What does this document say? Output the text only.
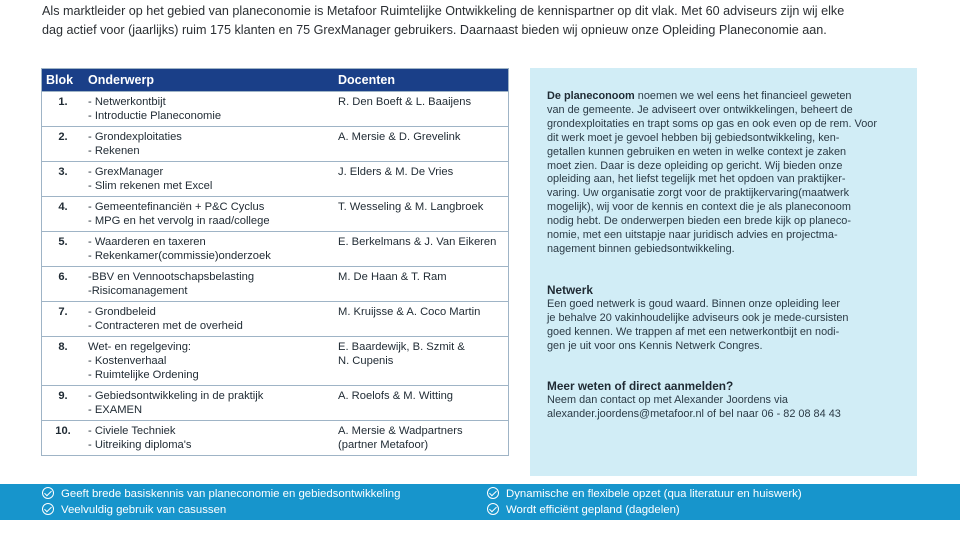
Als marktleider op het gebied van planeconomie is Metafoor Ruimtelijke Ontwikkeling de kennispartner op dit vlak. Met 60 adviseurs zijn wij elke
dag actief voor (jaarlijks) ruim 175 klanten en 75 GrexManager gebruikers. Daarnaast bieden wij opnieuw onze Opleiding Planeconomie aan.
Blok	Onderwerp	Docenten
1.	- Netwerkontbijt
- Introductie Planeconomie	R. Den Boeft & L. Baaijens

2.	- Grondexploitaties
- Rekenen	A. Mersie & D. Grevelink

3.	- GrexManager
- Slim rekenen met Excel	J. Elders & M. De Vries

4.	- Gemeentefinanciën + P&C Cyclus
- MPG en het vervolg in raad/college	T. Wesseling & M. Langbroek

5.	- Waarderen en taxeren
- Rekenkamer(commissie)onderzoek	E. Berkelmans & J. Van Eikeren

6.	-BBV en Vennootschapsbelasting
-Risicomanagement	M. De Haan & T. Ram

7.	- Grondbeleid
- Contracteren met de overheid	M. Kruijsse & A. Coco Martin

8.	Wet- en regelgeving:
- Kostenverhaal
- Ruimtelijke Ordening	E. Baardewijk, B. Szmit &
N. Cupenis

9.	- Gebiedsontwikkeling in de praktijk
- EXAMEN	A. Roelofs & M. Witting

10.	- Civiele Techniek
- Uitreiking diploma's	A. Mersie & Wadpartners
(partner Metafoor)

De planeconoom noemen we wel eens het financieel geweten
van de gemeente. Je adviseert over ontwikkelingen, beheert de
grondexploitaties en trapt soms op gas en ook even op de rem. Voor
dit werk moet je gevoel hebben bij gebiedsontwikkeling, ken-
getallen kunnen gebruiken en weten in welke context je zaken
moet zien. Daar is deze opleiding op gericht. Wij bieden onze
opleiding aan, het liefst tegelijk met het opdoen van praktijker-
varing. Uw organisatie zorgt voor de praktijkervaring(maatwerk
mogelijk), wij voor de kennis en context die je als planeconoom
nodig hebt. De onderwerpen bieden een brede kijk op planeco-
nomie, met een uitstapje naar juridisch advies en projectma-
nagement binnen gebiedsontwikkeling.

Netwerk
Een goed netwerk is goud waard. Binnen onze opleiding leer
je behalve 20 vakinhoudelijke adviseurs ook je mede-cursisten
goed kennen. We trappen af met een netwerkontbijt en nodi-
gen je uit voor ons Kennis Netwerk Congres.
Meer weten of direct aanmelden?
Neem dan contact op met Alexander Joordens via
alexander.joordens@metafoor.nl of bel naar 06 - 82 08 84 43
Geeft brede basiskennis van planeconomie en gebiedsontwikkeling
Veelvuldig gebruik van casussen
Dynamische en flexibele opzet (qua literatuur en huiswerk)
Wordt efficiënt gepland (dagdelen)
